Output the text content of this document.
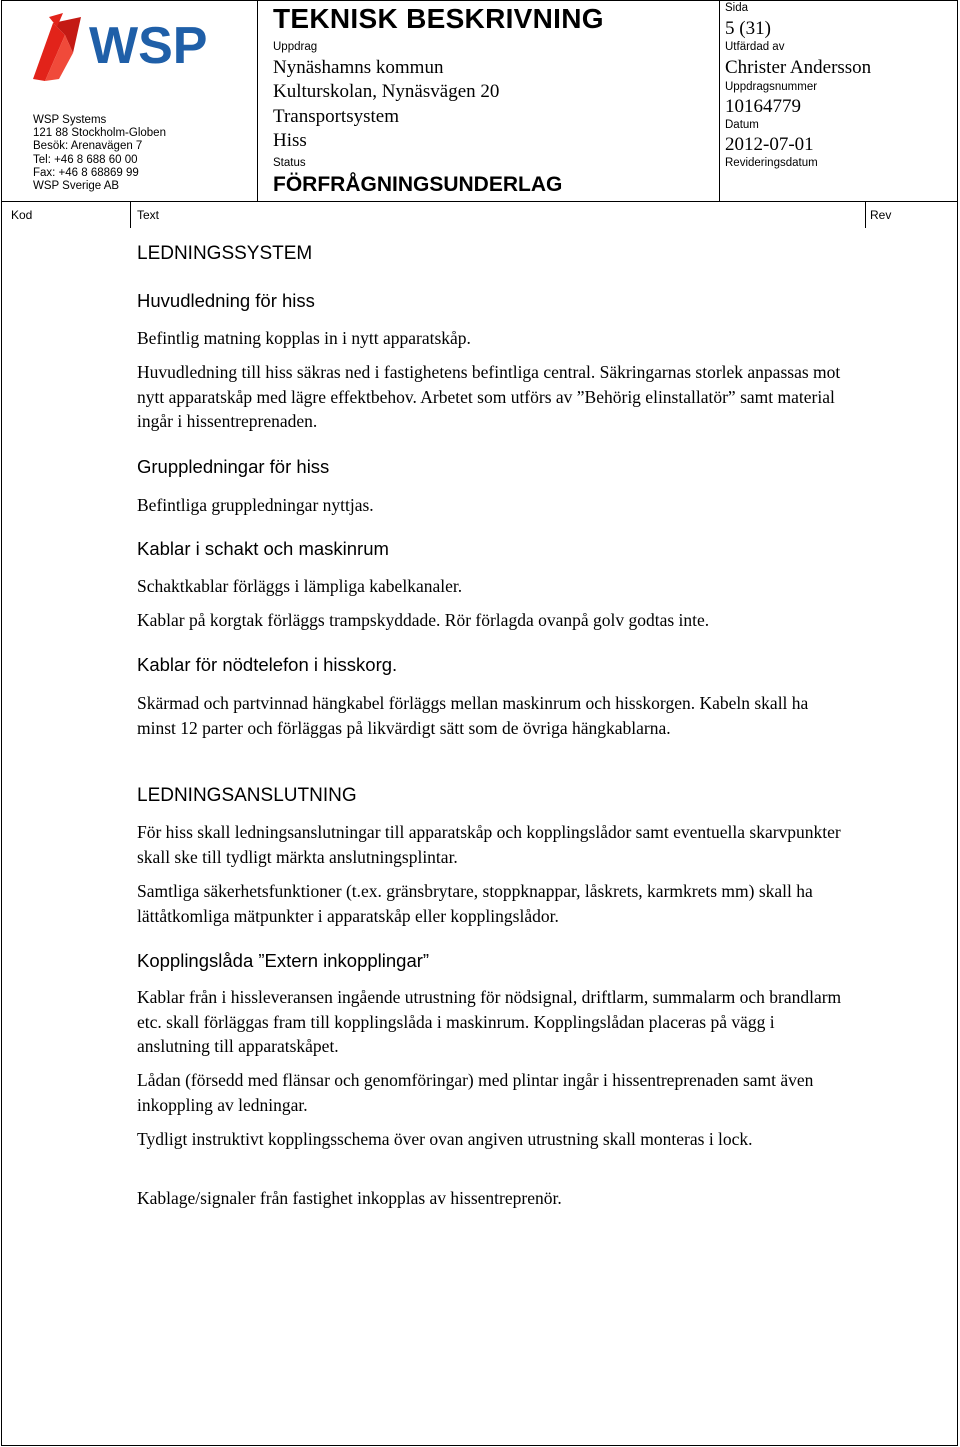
WSP
WSP Systems
121 88 Stockholm-Globen
Besök: Arenavägen 7
Tel: +46 8 688 60 00
Fax: +46 8 68869 99
WSP Sverige AB
TEKNISK BESKRIVNING
Uppdrag
Nynäshamns kommun
Kulturskolan, Nynäsvägen 20
Transportsystem
Hiss
Status
FÖRFRÅGNINGSUNDERLAG
Sida
5 (31)
Utfärdad av
Christer Andersson
Uppdragsnummer
10164779
Datum
2012-07-01
Revideringsdatum
Kod	Text	Rev
LEDNINGSSYSTEM
Huvudledning för hiss
Befintlig matning kopplas in i nytt apparatskåp.
Huvudledning till hiss säkras ned i fastighetens befintliga central. Säkringarnas storlek anpassas mot nytt apparatskåp med lägre effektbehov. Arbetet som utförs av ”Behörig elinstallatör” samt material ingår i hissentreprenaden.
Gruppledningar för hiss
Befintliga gruppledningar nyttjas.
Kablar i schakt och maskinrum
Schaktkablar förläggs i lämpliga kabelkanaler.
Kablar på korgtak förläggs trampskyddade. Rör förlagda ovanpå golv godtas inte.
Kablar för nödtelefon i hisskorg.
Skärmad och partvinnad hängkabel förläggs mellan maskinrum och hisskorgen. Kabeln skall ha minst 12 parter och förläggas på likvärdigt sätt som de övriga hängkablarna.
LEDNINGSANSLUTNING
För hiss skall ledningsanslutningar till apparatskåp och kopplingslådor samt eventuella skarvpunkter skall ske till tydligt märkta anslutningsplintar.
Samtliga säkerhetsfunktioner (t.ex. gränsbrytare, stoppknappar, låskrets, karmkrets mm) skall ha lättåtkomliga mätpunkter i apparatskåp eller kopplingslådor.
Kopplingslåda ”Extern inkopplingar”
Kablar från i hissleveransen ingående utrustning för nödsignal, driftlarm, summalarm och brandlarm etc. skall förläggas fram till kopplingslåda i maskinrum. Kopplingslådan placeras på vägg i anslutning till apparatskåpet.
Lådan (försedd med flänsar och genomföringar) med plintar ingår i hissentreprenaden samt även inkoppling av ledningar.
Tydligt instruktivt kopplingsschema över ovan angiven utrustning skall monteras i lock.
Kablage/signaler från fastighet inkopplas av hissentreprenör.
